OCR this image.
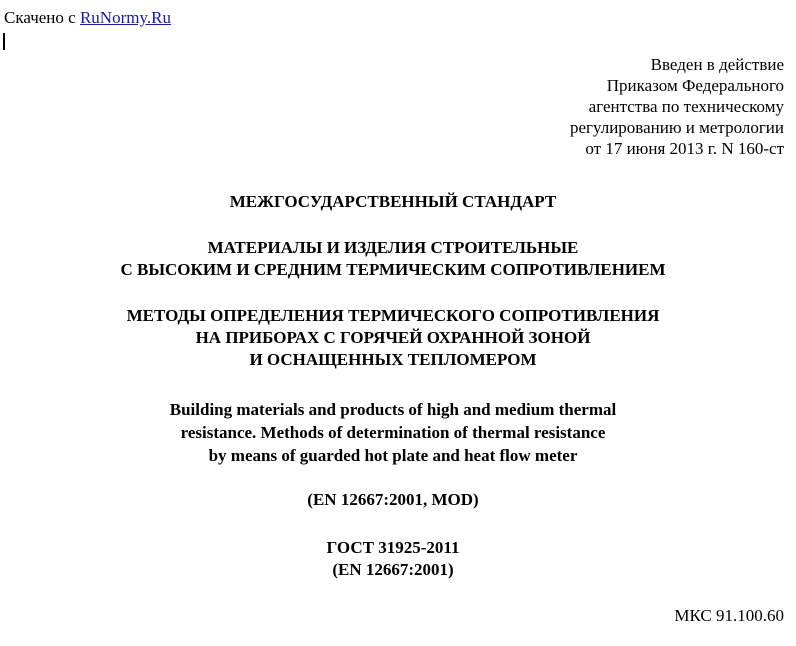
Скачено с RuNormy.Ru
Введен в действие
Приказом Федерального
агентства по техническому
регулированию и метрологии
от 17 июня 2013 г. N 160-ст
МЕЖГОСУДАРСТВЕННЫЙ СТАНДАРТ
МАТЕРИАЛЫ И ИЗДЕЛИЯ СТРОИТЕЛЬНЫЕ
С ВЫСОКИМ И СРЕДНИМ ТЕРМИЧЕСКИМ СОПРОТИВЛЕНИЕМ
МЕТОДЫ ОПРЕДЕЛЕНИЯ ТЕРМИЧЕСКОГО СОПРОТИВЛЕНИЯ
НА ПРИБОРАХ С ГОРЯЧЕЙ ОХРАННОЙ ЗОНОЙ
И ОСНАЩЕННЫХ ТЕПЛОМЕРОМ
Building materials and products of high and medium thermal
resistance. Methods of determination of thermal resistance
by means of guarded hot plate and heat flow meter
(EN 12667:2001, MOD)
ГОСТ 31925-2011
(EN 12667:2001)
МКС 91.100.60
